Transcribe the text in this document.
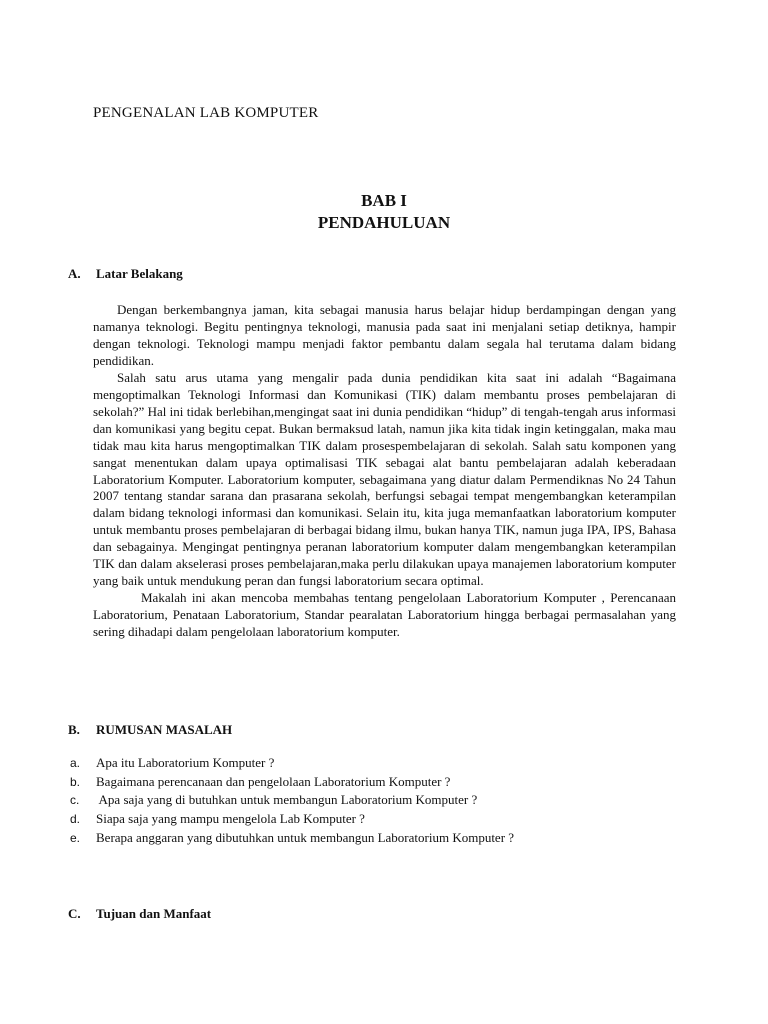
PENGENALAN LAB KOMPUTER
BAB I
PENDAHULUAN
A. Latar Belakang

Dengan berkembangnya jaman, kita sebagai manusia harus belajar hidup berdampingan dengan yang namanya teknologi. Begitu pentingnya teknologi, manusia pada saat ini menjalani setiap detiknya, hampir dengan teknologi. Teknologi mampu menjadi faktor pembantu dalam segala hal terutama dalam bidang pendidikan.

Salah satu arus utama yang mengalir pada dunia pendidikan kita saat ini adalah “Bagaimana mengoptimalkan Teknologi Informasi dan Komunikasi (TIK) dalam membantu proses pembelajaran di sekolah?” Hal ini tidak berlebihan,mengingat saat ini dunia pendidikan “hidup” di tengah-tengah arus informasi dan komunikasi yang begitu cepat. Bukan bermaksud latah, namun jika kita tidak ingin ketinggalan, maka mau tidak mau kita harus mengoptimalkan TIK dalam prosespembelajaran di sekolah. Salah satu komponen yang sangat menentukan dalam upaya optimalisasi TIK sebagai alat bantu pembelajaran adalah keberadaan Laboratorium Komputer. Laboratorium komputer, sebagaimana yang diatur dalam Permendiknas No 24 Tahun 2007 tentang standar sarana dan prasarana sekolah, berfungsi sebagai tempat mengembangkan keterampilan dalam bidang teknologi informasi dan komunikasi. Selain itu, kita juga memanfaatkan laboratorium komputer untuk membantu proses pembelajaran di berbagai bidang ilmu, bukan hanya TIK, namun juga IPA, IPS, Bahasa dan sebagainya. Mengingat pentingnya peranan laboratorium komputer dalam mengembangkan keterampilan TIK dan dalam akselerasi proses pembelajaran,maka perlu dilakukan upaya manajemen laboratorium komputer yang baik untuk mendukung peran dan fungsi laboratorium secara optimal.

Makalah ini akan mencoba membahas tentang pengelolaan Laboratorium Komputer , Perencanaan Laboratorium, Penataan Laboratorium, Standar pearalatan Laboratorium hingga berbagai permasalahan yang sering dihadapi dalam pengelolaan laboratorium komputer.

B. RUMUSAN MASALAH
a. Apa itu Laboratorium Komputer ?
b. Bagaimana perencanaan dan pengelolaan Laboratorium Komputer ?
c. Apa saja yang di butuhkan untuk membangun Laboratorium Komputer ?
d. Siapa saja yang mampu mengelola Lab Komputer ?
e. Berapa anggaran yang dibutuhkan untuk membangun Laboratorium Komputer ?
C. Tujuan dan Manfaat
